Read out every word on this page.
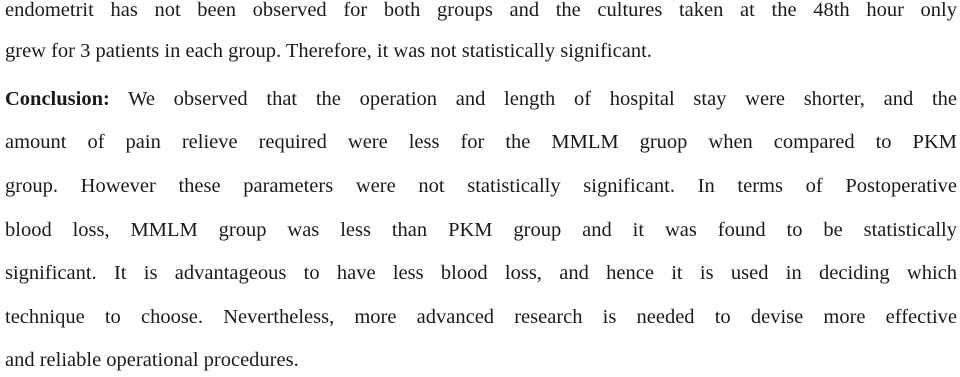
endometrit has not been observed for both groups and the cultures taken at the 48th hour only
grew for 3 patients in each group. Therefore, it was not statistically significant.
Conclusion: We observed that the operation and length of hospital stay were shorter, and the
amount of pain relieve required were less for the MMLM gruop when compared to PKM
group. However these parameters were not statistically significant. In terms of Postoperative
blood loss, MMLM group was less than PKM group and it was found to be statistically
significant. It is advantageous to have less blood loss, and hence it is used in deciding which
technique to choose. Nevertheless, more advanced research is needed to devise more effective
and reliable operational procedures.
